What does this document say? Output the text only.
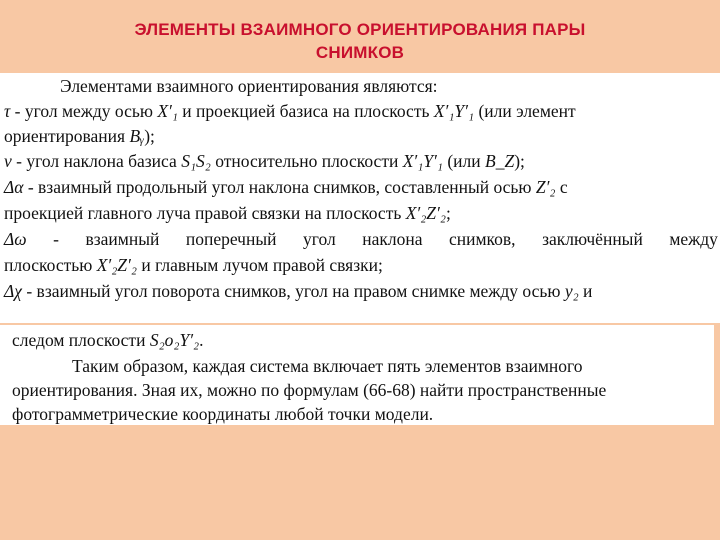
ЭЛЕМЕНТЫ ВЗАИМНОГО ОРИЕНТИРОВАНИЯ ПАРЫ
СНИМКОВ
Элементами взаимного ориентирования являются:
τ - угол между осью X′₁ и проекцией базиса на плоскость X′₁Y′₁ (или элемент
ориентирования Bᵧ);
ν - угол наклона базиса S₁S₂ относительно плоскости X′₁Y′₁ (или B_Z);
Δα - взаимный продольный угол наклона снимков, составленный осью Z′₂ с
проекцией главного луча правой связки на плоскость X′₂Z′₂;
Δω - взаимный поперечный угол наклона снимков, заключённый между
плоскостью X′₂Z′₂ и главным лучом правой связки;
Δχ - взаимный угол поворота снимков, угол на правом снимке между осью y₂ и
следом плоскости S₂o₂Y′₂.
Таким образом, каждая система включает пять элементов взаимного
ориентирования. Зная их, можно по формулам (66-68) найти пространственные
фотограмметрические координаты любой точки модели.
